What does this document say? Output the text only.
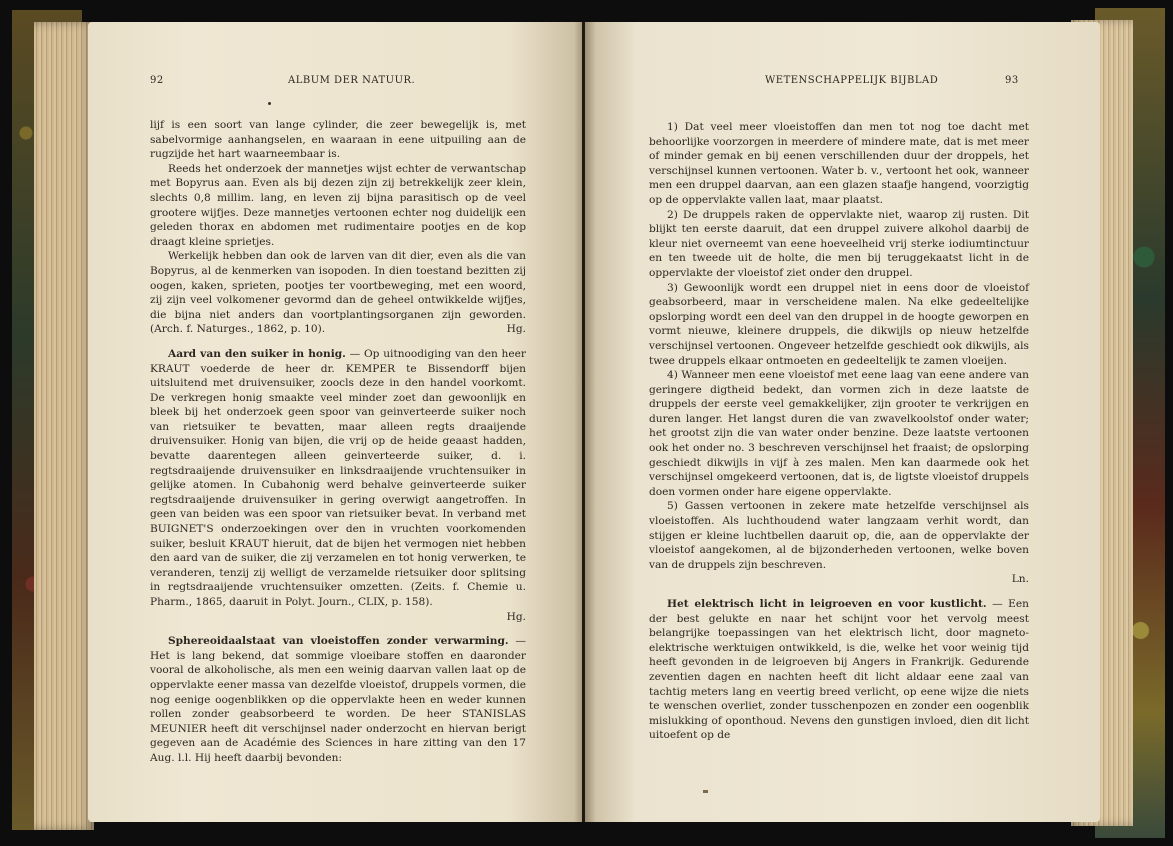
92	ALBUM DER NATUUR.

lijf is een soort van lange cylinder, die zeer bewegelijk is, met sabelvormige aanhangselen, en waaraan in eene uitpuiling aan de rugzijde het hart waarneembaar is.

Reeds het onderzoek der mannetjes wijst echter de verwantschap met Bopyrus aan. Even als bij dezen zijn zij betrekkelijk zeer klein, slechts 0,8 millim. lang, en leven zij bijna parasitisch op de veel grootere wijfjes. Deze mannetjes vertoonen echter nog duidelijk een geleden thorax en abdomen met rudimentaire pootjes en de kop draagt kleine sprietjes.

Werkelijk hebben dan ook de larven van dit dier, even als die van Bopyrus, al de kenmerken van isopoden. In dien toestand bezitten zij oogen, kaken, sprieten, pootjes ter voortbeweging, met een woord, zij zijn veel volkomener gevormd dan de geheel ontwikkelde wijfjes, die bijna niet anders dan voortplantingsorganen zijn geworden. (Arch. f. Naturges., 1862, p. 10).	Hg.

Aard van den suiker in honig. — Op uitnoodiging van den heer KRAUT voederde de heer dr. KEMPER te Bissendorff bijen uitsluitend met druivensuiker, zoocls deze in den handel voorkomt. De verkregen honig smaakte veel minder zoet dan gewoonlijk en bleek bij het onderzoek geen spoor van geinverteerde suiker noch van rietsuiker te bevatten, maar alleen regts draaijende druivensuiker. Honig van bijen, die vrij op de heide geaast hadden, bevatte daarentegen alleen geinverteerde suiker, d. i. regtsdraaijende druivensuiker en linksdraaijende vruchtensuiker in gelijke atomen. In Cubahonig werd behalve geinverteerde suiker regtsdraaijende druivensuiker in gering overwigt aangetroffen. In geen van beiden was een spoor van rietsuiker bevat. In verband met BUIGNET'S onderzoekingen over den in vruchten voorkomenden suiker, besluit KRAUT hieruit, dat de bijen het vermogen niet hebben den aard van de suiker, die zij verzamelen en tot honig verwerken, te veranderen, tenzij zij welligt de verzamelde rietsuiker door splitsing in regtsdraaijende vruchtensuiker omzetten. (Zeits. f. Chemie u. Pharm., 1865, daaruit in Polyt. Journ., CLIX, p. 158).

Hg.

Sphereoidaalstaat van vloeistoffen zonder verwarming. — Het is lang bekend, dat sommige vloeibare stoffen en daaronder vooral de alkoholische, als men een weinig daarvan vallen laat op de oppervlakte eener massa van dezelfde vloeistof, druppels vormen, die nog eenige oogenblikken op die oppervlakte heen en weder kunnen rollen zonder geabsorbeerd te worden. De heer STANISLAS MEUNIER heeft dit verschijnsel nader onderzocht en hiervan berigt gegeven aan de Académie des Sciences in hare zitting van den 17 Aug. l.l. Hij heeft daarbij bevonden:

WETENSCHAPPELIJK BIJBLAD	93

1) Dat veel meer vloeistoffen dan men tot nog toe dacht met behoorlijke voorzorgen in meerdere of mindere mate, dat is met meer of minder gemak en bij eenen verschillenden duur der droppels, het verschijnsel kunnen vertoonen. Water b. v., vertoont het ook, wanneer men een druppel daarvan, aan een glazen staafje hangend, voorzigtig op de oppervlakte vallen laat, maar plaatst.

2) De druppels raken de oppervlakte niet, waarop zij rusten. Dit blijkt ten eerste daaruit, dat een druppel zuivere alkohol daarbij de kleur niet overneemt van eene hoeveelheid vrij sterke iodiumtinctuur en ten tweede uit de holte, die men bij teruggekaatst licht in de oppervlakte der vloeistof ziet onder den druppel.

3) Gewoonlijk wordt een druppel niet in eens door de vloeistof geabsorbeerd, maar in verscheidene malen. Na elke gedeeltelijke opslorping wordt een deel van den druppel in de hoogte geworpen en vormt nieuwe, kleinere druppels, die dikwijls op nieuw hetzelfde verschijnsel vertoonen. Ongeveer hetzelfde geschiedt ook dikwijls, als twee druppels elkaar ontmoeten en gedeeltelijk te zamen vloeijen.

4) Wanneer men eene vloeistof met eene laag van eene andere van geringere digtheid bedekt, dan vormen zich in deze laatste de druppels der eerste veel gemakkelijker, zijn grooter te verkrijgen en duren langer. Het langst duren die van zwavelkoolstof onder water; het grootst zijn die van water onder benzine. Deze laatste vertoonen ook het onder no. 3 beschreven verschijnsel het fraaist; de opslorping geschiedt dikwijls in vijf à zes malen. Men kan daarmede ook het verschijnsel omgekeerd vertoonen, dat is, de ligtste vloeistof druppels doen vormen onder hare eigene oppervlakte.

5) Gassen vertoonen in zekere mate hetzelfde verschijnsel als vloeistoffen. Als luchthoudend water langzaam verhit wordt, dan stijgen er kleine luchtbellen daaruit op, die, aan de oppervlakte der vloeistof aangekomen, al de bijzonderheden vertoonen, welke boven van de druppels zijn beschreven.

Ln.

Het elektrisch licht in leigroeven en voor kustlicht. — Een der best gelukte en naar het schijnt voor het vervolg meest belangrijke toepassingen van het elektrisch licht, door magneto-elektrische werktuigen ontwikkeld, is die, welke het voor weinig tijd heeft gevonden in de leigroeven bij Angers in Frankrijk. Gedurende zeventien dagen en nachten heeft dit licht aldaar eene zaal van tachtig meters lang en veertig breed verlicht, op eene wijze die niets te wenschen overliet, zonder tusschenpozen en zonder een oogenblik mislukking of oponthoud. Nevens den gunstigen invloed, dien dit licht uitoefent op de
